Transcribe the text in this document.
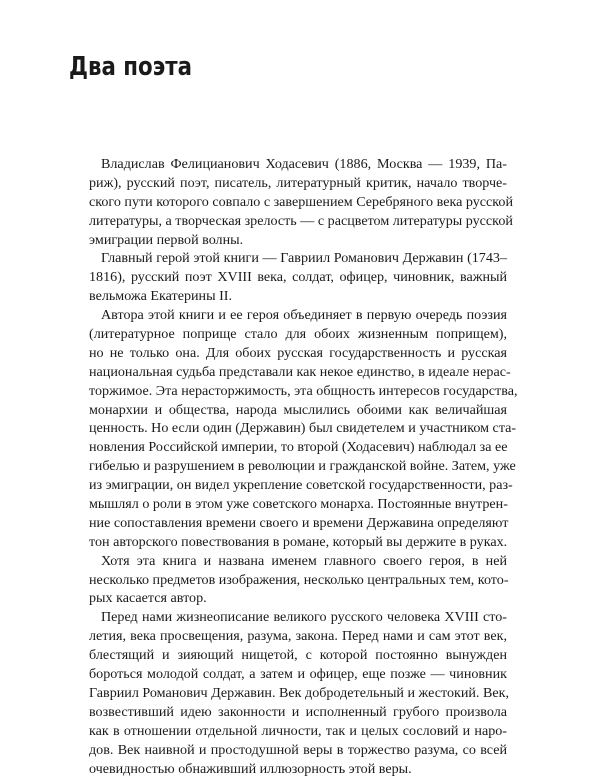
Два поэта
Владислав Фелицианович Ходасевич (1886, Москва — 1939, Па-
риж), русский поэт, писатель, литературный критик, начало творче-
ского пути которого совпало с завершением Серебряного века русской
литературы, а творческая зрелость — с расцветом литературы русской
эмиграции первой волны.
Главный герой этой книги — Гавриил Романович Державин (1743–
1816), русский поэт XVIII века, солдат, офицер, чиновник, важный
вельможа Екатерины II.
Автора этой книги и ее героя объединяет в первую очередь поэзия
(литературное поприще стало для обоих жизненным поприщем),
но не только она. Для обоих русская государственность и русская
национальная судьба представали как некое единство, в идеале нерас-
торжимое. Эта нерасторжимость, эта общность интересов государства,
монархии и общества, народа мыслились обоими как величайшая
ценность. Но если один (Державин) был свидетелем и участником ста-
новления Российской империи, то второй (Ходасевич) наблюдал за ее
гибелью и разрушением в революции и гражданской войне. Затем, уже
из эмиграции, он видел укрепление советской государственности, раз-
мышлял о роли в этом уже советского монарха. Постоянные внутрен-
ние сопоставления времени своего и времени Державина определяют
тон авторского повествования в романе, который вы держите в руках.
Хотя эта книга и названа именем главного своего героя, в ней
несколько предметов изображения, несколько центральных тем, кото-
рых касается автор.
Перед нами жизнеописание великого русского человека XVIII сто-
летия, века просвещения, разума, закона. Перед нами и сам этот век,
блестящий и зияющий нищетой, с которой постоянно вынужден
бороться молодой солдат, а затем и офицер, еще позже — чиновник
Гавриил Романович Державин. Век добродетельный и жестокий. Век,
возвестивший идею законности и исполненный грубого произвола
как в отношении отдельной личности, так и целых сословий и наро-
дов. Век наивной и простодушной веры в торжество разума, со всей
очевидностью обнаживший иллюзорность этой веры.
